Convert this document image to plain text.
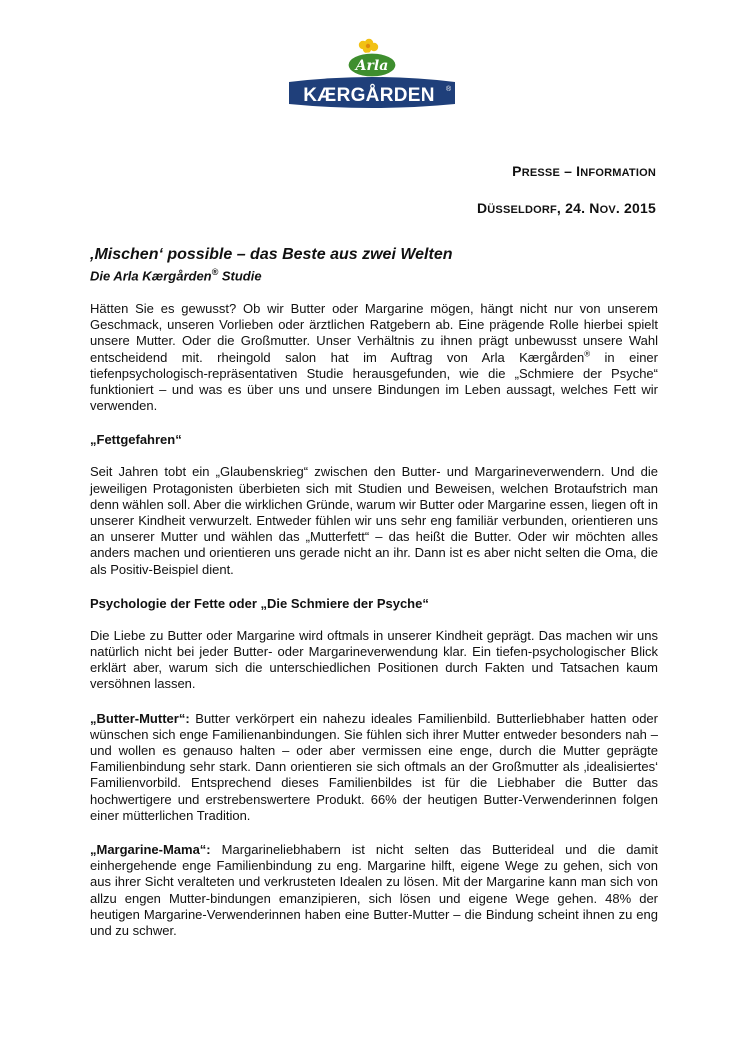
Arla
KÆRGÅRDEN ®
PRESSE – INFORMATION
DÜSSELDORF, 24. NOV. 2015
‚Mischen‘ possible – das Beste aus zwei Welten
Die Arla Kærgården® Studie

Hätten Sie es gewusst? Ob wir Butter oder Margarine mögen, hängt nicht nur von unserem Geschmack, unseren Vorlieben oder ärztlichen Ratgebern ab. Eine prägende Rolle hierbei spielt unsere Mutter. Oder die Großmutter. Unser Verhältnis zu ihnen prägt unbewusst unsere Wahl entscheidend mit. rheingold salon hat im Auftrag von Arla Kærgården® in einer tiefenpsychologisch-repräsentativen Studie herausgefunden, wie die „Schmiere der Psyche“ funktioniert – und was es über uns und unsere Bindungen im Leben aussagt, welches Fett wir verwenden.

„Fettgefahren“

Seit Jahren tobt ein „Glaubenskrieg“ zwischen den Butter- und Margarineverwendern. Und die jeweiligen Protagonisten überbieten sich mit Studien und Beweisen, welchen Brotaufstrich man denn wählen soll. Aber die wirklichen Gründe, warum wir Butter oder Margarine essen, liegen oft in unserer Kindheit verwurzelt. Entweder fühlen wir uns sehr eng familiär verbunden, orientieren uns an unserer Mutter und wählen das „Mutterfett“ – das heißt die Butter. Oder wir möchten alles anders machen und orientieren uns gerade nicht an ihr. Dann ist es aber nicht selten die Oma, die als Positiv-Beispiel dient.

Psychologie der Fette oder „Die Schmiere der Psyche“

Die Liebe zu Butter oder Margarine wird oftmals in unserer Kindheit geprägt. Das machen wir uns natürlich nicht bei jeder Butter- oder Margarineverwendung klar. Ein tiefen-psychologischer Blick erklärt aber, warum sich die unterschiedlichen Positionen durch Fakten und Tatsachen kaum versöhnen lassen.

„Butter-Mutter“: Butter verkörpert ein nahezu ideales Familienbild. Butterliebhaber hatten oder wünschen sich enge Familienanbindungen. Sie fühlen sich ihrer Mutter entweder besonders nah – und wollen es genauso halten – oder aber vermissen eine enge, durch die Mutter geprägte Familienbindung sehr stark. Dann orientieren sie sich oftmals an der Großmutter als ‚idealisiertes‘ Familienvorbild. Entsprechend dieses Familienbildes ist für die Liebhaber die Butter das hochwertigere und erstrebenswertere Produkt. 66% der heutigen Butter-Verwenderinnen folgen einer mütterlichen Tradition.

„Margarine-Mama“: Margarineliebhabern ist nicht selten das Butterideal und die damit einhergehende enge Familienbindung zu eng. Margarine hilft, eigene Wege zu gehen, sich von aus ihrer Sicht veralteten und verkrusteten Idealen zu lösen. Mit der Margarine kann man sich von allzu engen Mutter-bindungen emanzipieren, sich lösen und eigene Wege gehen. 48% der heutigen Margarine-Verwenderinnen haben eine Butter-Mutter – die Bindung scheint ihnen zu eng und zu schwer.
